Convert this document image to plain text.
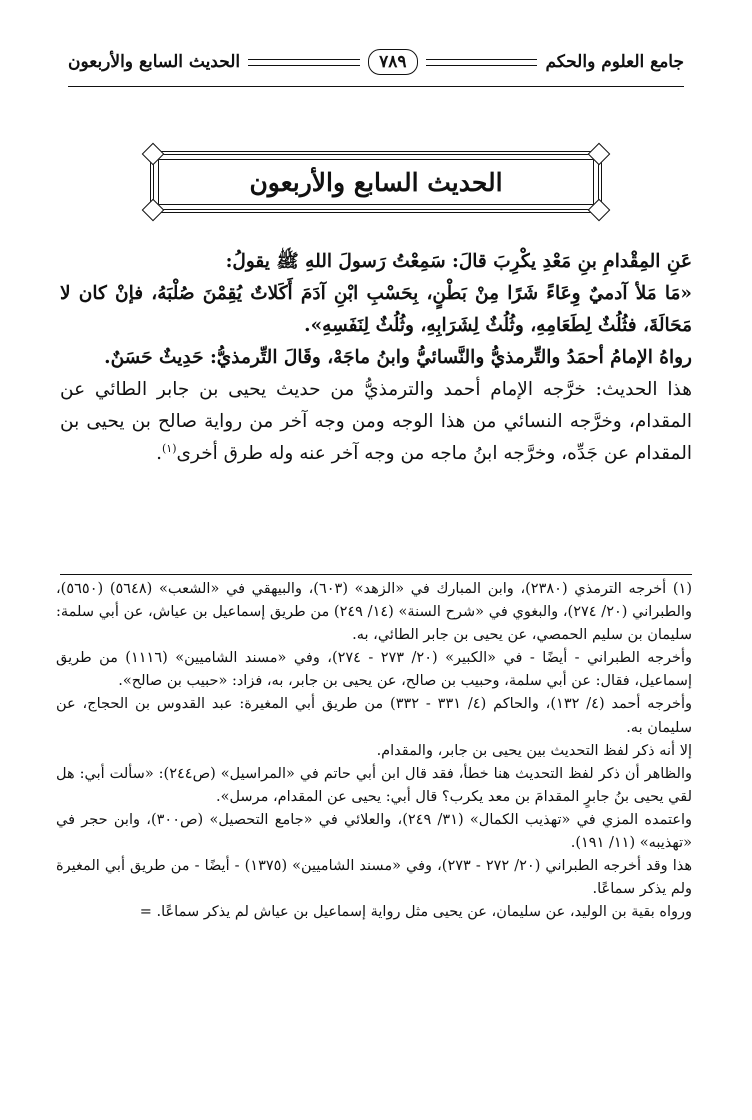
جامع العلوم والحكم
٧٨٩
الحديث السابع والأربعون
الحديث السابع والأربعون

عَنِ المِقْدامِ بنِ مَعْدِ يكْرِبَ قالَ: سَمِعْتُ رَسولَ اللهِ ﷺ يقولُ:

«مَا مَلأ آدميٌ وِعَاءً شَرًا مِنْ بَطْنٍ، بِحَسْبِ ابْنِ آدَمَ أَكَلاتٌ يُقِمْنَ صُلْبَهُ، فإنْ كان لا مَحَالَةَ، فثُلُثٌ لِطَعَامِهِ، وثُلُثٌ لِشَرَابِهِ، وثُلُثٌ لِنَفَسِهِ».

رواهُ الإمامُ أحمَدُ والتِّرمذيُّ والنَّسائيُّ وابنُ ماجَهْ، وقَالَ التِّرمذيُّ: حَدِيثٌ حَسَنٌ.

هذا الحديث: خرَّجه الإمام أحمد والترمذيُّ من حديث يحيى بن جابر الطائي عن المقدام، وخرَّجه النسائي من هذا الوجه ومن وجه آخر من رواية صالح بن يحيى بن المقدام عن جَدِّه، وخرَّجه ابنُ ماجه من وجه آخر عنه وله طرق أخرى$^{(١)}$.

(١) أخرجه الترمذي (٢٣٨٠)، وابن المبارك في «الزهد» (٦٠٣)، والبيهقي في «الشعب» (٥٦٤٨) (٥٦٥٠)، والطبراني (٢٠/ ٢٧٤)، والبغوي في «شرح السنة» (١٤/ ٢٤٩) من طريق إسماعيل بن عياش، عن أبي سلمة: سليمان بن سليم الحمصي، عن يحيى بن جابر الطائي، به.

وأخرجه الطبراني - أيضًا - في «الكبير» (٢٠/ ٢٧٣ - ٢٧٤)، وفي «مسند الشاميين» (١١١٦) من طريق إسماعيل، فقال: عن أبي سلمة، وحبيب بن صالح، عن يحيى بن جابر، به، فزاد: «حبيب بن صالح».

وأخرجه أحمد (٤/ ١٣٢)، والحاكم (٤/ ٣٣١ - ٣٣٢) من طريق أبي المغيرة: عبد القدوس بن الحجاج، عن سليمان به.

إلا أنه ذكر لفظ التحديث بين يحيى بن جابر، والمقدام.

والظاهر أن ذكر لفظ التحديث هنا خطأ، فقد قال ابن أبي حاتم في «المراسيل» (ص٢٤٤): «سألت أبي: هل لقي يحيى بنُ جابرٍ المقدامَ بن معد يكرب؟ قال أبي: يحيى عن المقدام، مرسل».

واعتمده المزي في «تهذيب الكمال» (٣١/ ٢٤٩)، والعلائي في «جامع التحصيل» (ص٣٠٠)، وابن حجر في «تهذيبه» (١١/ ١٩١).

هذا وقد أخرجه الطبراني (٢٠/ ٢٧٢ - ٢٧٣)، وفي «مسند الشاميين» (١٣٧٥) - أيضًا - من طريق أبي المغيرة ولم يذكر سماعًا.

ورواه بقية بن الوليد، عن سليمان، عن يحيى مثل رواية إسماعيل بن عياش لم يذكر سماعًا. =
